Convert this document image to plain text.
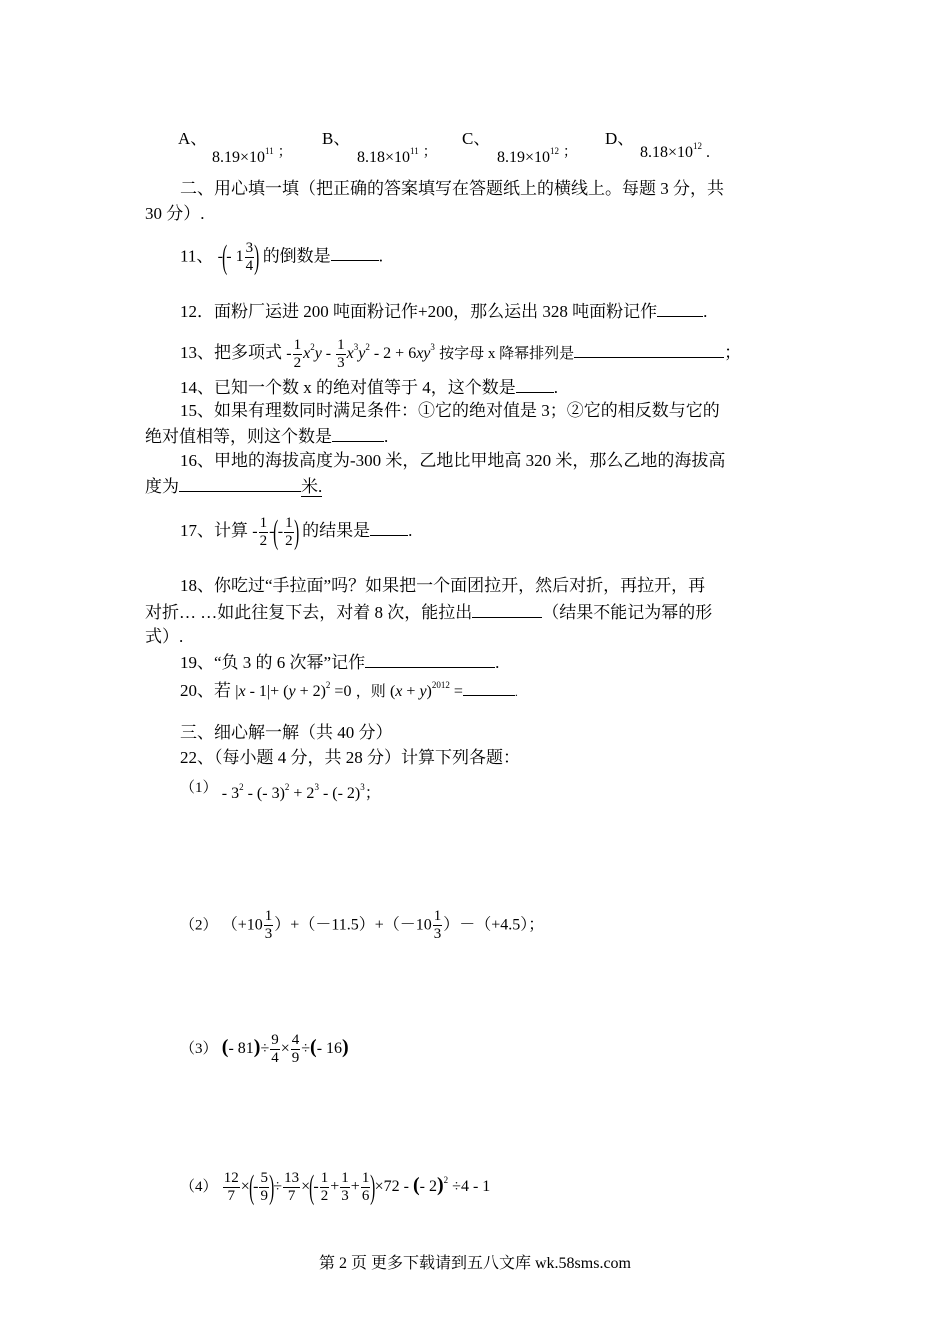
A、
$8.19\times 10^{11}$ ；
B、
$8.18\times 10^{11}$ ；
C、
$8.19\times 10^{12}$ ；
D、
$8.18\times 10^{12}$ .
二、用心填一填（把正确的答案填写在答题纸上的横线上。每题 3 分，共
30 分）.
11、 -(- $1 \frac{3}{4}$ ) 的倒数是	.
12．面粉厂运进 200 吨面粉记作+200，那么运出 328 吨面粉记作	.
13、把多项式 - $\frac{1}{2} x^2y - \frac{1}{3} x^3y^2 - 2 + 6xy^3$ 按字母 x 降幂排列是	；
14、已知一个数 x 的绝对值等于 4，这个数是 .
15、如果有理数同时满足条件：①它的绝对值是 3；②它的相反数与它的
绝对值相等，则这个数是	.
16、甲地的海拔高度为-300 米，乙地比甲地高 320 米，那么乙地的海拔高
度为	米.
17、计算 - $\frac{1}{2}$ -(- $\frac{1}{2}$ ) 的结果是 .
18、你吃过“手拉面”吗？如果把一个面团拉开，然后对折，再拉开，再
对折… …如此往复下去，对着 8 次，能拉出	（结果不能记为幂的形
式）.
19、“负 3 的 6 次幂”记作	.
20、若 $|x - 1|+ (y + 2)^2 =0$ ，则 $(x + y)^{2012}$ =	.
三、细心解一解（共 40 分）
22、（每小题 4 分，共 28 分）计算下列各题：
$(1) - 3^2$ - (- $3)^2 + 2^3$ - (- 2)$^3$；
（2） $(+10 \frac{1}{3} )+(-11.5)+(-10 \frac{1}{3} )-(+4.5)$；
（3） (- $81)\div \frac{9}{4} \times \frac{4}{9}$ ÷(- 16)
$(4) \frac{12}{7}$ ×(- $\frac{5}{9}$ )÷ $\frac{13}{7}$ ×(- $\frac{1}{2} + \frac{1}{3} + \frac{1}{6} )\times 72$ - (- 2)$^2$ ÷4 - 1
第 2 页 更多下载请到五八文库 wk.58sms.com
